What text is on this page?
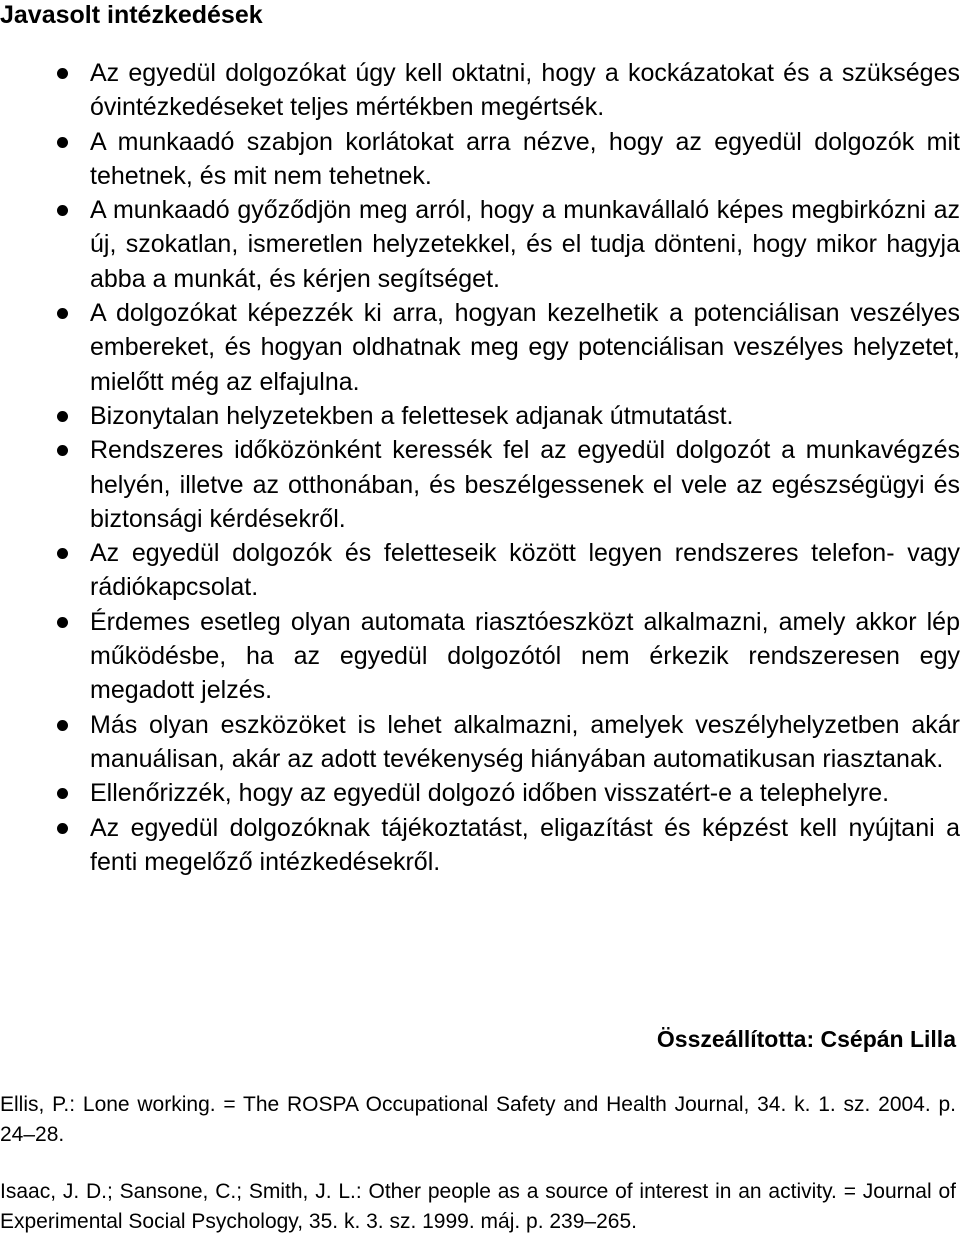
Javasolt intézkedések
Az egyedül dolgozókat úgy kell oktatni, hogy a kockázatokat és a szükséges óvintézkedéseket teljes mértékben megértsék.
A munkaadó szabjon korlátokat arra nézve, hogy az egyedül dolgozók mit tehetnek, és mit nem tehetnek.
A munkaadó győződjön meg arról, hogy a munkavállaló képes megbirkózni az új, szokatlan, ismeretlen helyzetekkel, és el tudja dönteni, hogy mikor hagyja abba a munkát, és kérjen segítséget.
A dolgozókat képezzék ki arra, hogyan kezelhetik a potenciálisan veszélyes embereket, és hogyan oldhatnak meg egy potenciálisan veszélyes helyzetet, mielőtt még az elfajulna.
Bizonytalan helyzetekben a felettesek adjanak útmutatást.
Rendszeres időközönként keressék fel az egyedül dolgozót a munkavégzés helyén, illetve az otthonában, és beszélgessenek el vele az egészségügyi és biztonsági kérdésekről.
Az egyedül dolgozók és feletteseik között legyen rendszeres telefon- vagy rádiókapcsolat.
Érdemes esetleg olyan automata riasztóeszközt alkalmazni, amely akkor lép működésbe, ha az egyedül dolgozótól nem érkezik rendszeresen egy megadott jelzés.
Más olyan eszközöket is lehet alkalmazni, amelyek veszélyhelyzetben akár manuálisan, akár az adott tevékenység hiányában automatikusan riasztanak.
Ellenőrizzék, hogy az egyedül dolgozó időben visszatért-e a telephelyre.
Az egyedül dolgozóknak tájékoztatást, eligazítást és képzést kell nyújtani a fenti megelőző intézkedésekről.
Összeállította: Csépán Lilla
Ellis, P.: Lone working. = The ROSPA Occupational Safety and Health Journal, 34. k. 1. sz. 2004. p. 24–28.
Isaac, J. D.; Sansone, C.; Smith, J. L.: Other people as a source of interest in an activity. = Journal of Experimental Social Psychology, 35. k. 3. sz. 1999. máj. p. 239–265.
